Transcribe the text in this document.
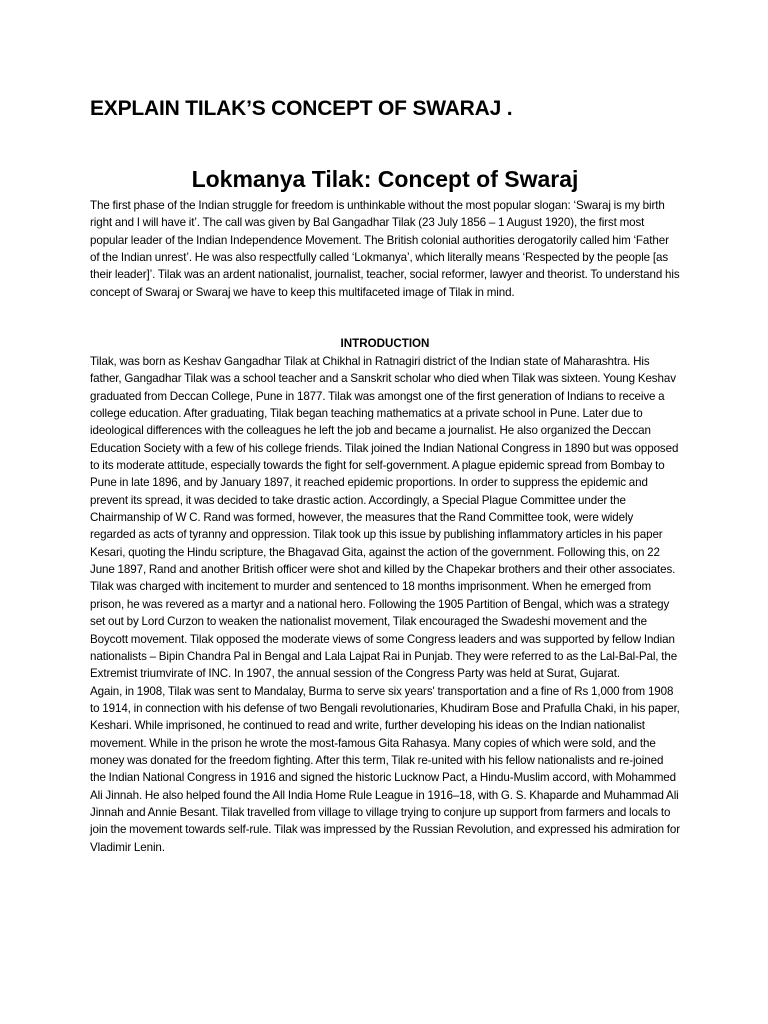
EXPLAIN TILAK’S CONCEPT OF SWARAJ .
Lokmanya Tilak: Concept of Swaraj

The first phase of the Indian struggle for freedom is unthinkable without the most popular slogan: ‘Swaraj is my birth right and I will have it’. The call was given by Bal Gangadhar Tilak (23 July 1856 – 1 August 1920), the first most popular leader of the Indian Independence Movement. The British colonial authorities derogatorily called him ‘Father of the Indian unrest’. He was also respectfully called ‘Lokmanya’, which literally means ‘Respected by the people [as their leader]’. Tilak was an ardent nationalist, journalist, teacher, social reformer, lawyer and theorist. To understand his concept of Swaraj or Swaraj we have to keep this multifaceted image of Tilak in mind.

INTRODUCTION
Tilak, was born as Keshav Gangadhar Tilak at Chikhal in Ratnagiri district of the Indian state of Maharashtra. His father, Gangadhar Tilak was a school teacher and a Sanskrit scholar who died when Tilak was sixteen. Young Keshav graduated from Deccan College, Pune in 1877. Tilak was amongst one of the first generation of Indians to receive a college education. After graduating, Tilak began teaching mathematics at a private school in Pune. Later due to ideological differences with the colleagues he left the job and became a journalist. He also organized the Deccan Education Society with a few of his college friends. Tilak joined the Indian National Congress in 1890 but was opposed to its moderate attitude, especially towards the fight for self-government. A plague epidemic spread from Bombay to Pune in late 1896, and by January 1897, it reached epidemic proportions. In order to suppress the epidemic and prevent its spread, it was decided to take drastic action. Accordingly, a Special Plague Committee under the Chairmanship of W C. Rand was formed, however, the measures that the Rand Committee took, were widely regarded as acts of tyranny and oppression. Tilak took up this issue by publishing inflammatory articles in his paper Kesari, quoting the Hindu scripture, the Bhagavad Gita, against the action of the government. Following this, on 22 June 1897, Rand and another British officer were shot and killed by the Chapekar brothers and their other associates. Tilak was charged with incitement to murder and sentenced to 18 months imprisonment. When he emerged from prison, he was revered as a martyr and a national hero. Following the 1905 Partition of Bengal, which was a strategy set out by Lord Curzon to weaken the nationalist movement, Tilak encouraged the Swadeshi movement and the Boycott movement. Tilak opposed the moderate views of some Congress leaders and was supported by fellow Indian nationalists – Bipin Chandra Pal in Bengal and Lala Lajpat Rai in Punjab. They were referred to as the Lal-Bal-Pal, the Extremist triumvirate of INC. In 1907, the annual session of the Congress Party was held at Surat, Gujarat.
Again, in 1908, Tilak was sent to Mandalay, Burma to serve six years' transportation and a fine of Rs 1,000 from 1908 to 1914, in connection with his defense of two Bengali revolutionaries, Khudiram Bose and Prafulla Chaki, in his paper, Keshari. While imprisoned, he continued to read and write, further developing his ideas on the Indian nationalist movement. While in the prison he wrote the most-famous Gita Rahasya. Many copies of which were sold, and the money was donated for the freedom fighting. After this term, Tilak re-united with his fellow nationalists and re-joined the Indian National Congress in 1916 and signed the historic Lucknow Pact, a Hindu-Muslim accord, with Mohammed Ali Jinnah. He also helped found the All India Home Rule League in 1916–18, with G. S. Khaparde and Muhammad Ali Jinnah and Annie Besant. Tilak travelled from village to village trying to conjure up support from farmers and locals to join the movement towards self-rule. Tilak was impressed by the Russian Revolution, and expressed his admiration for Vladimir Lenin.
